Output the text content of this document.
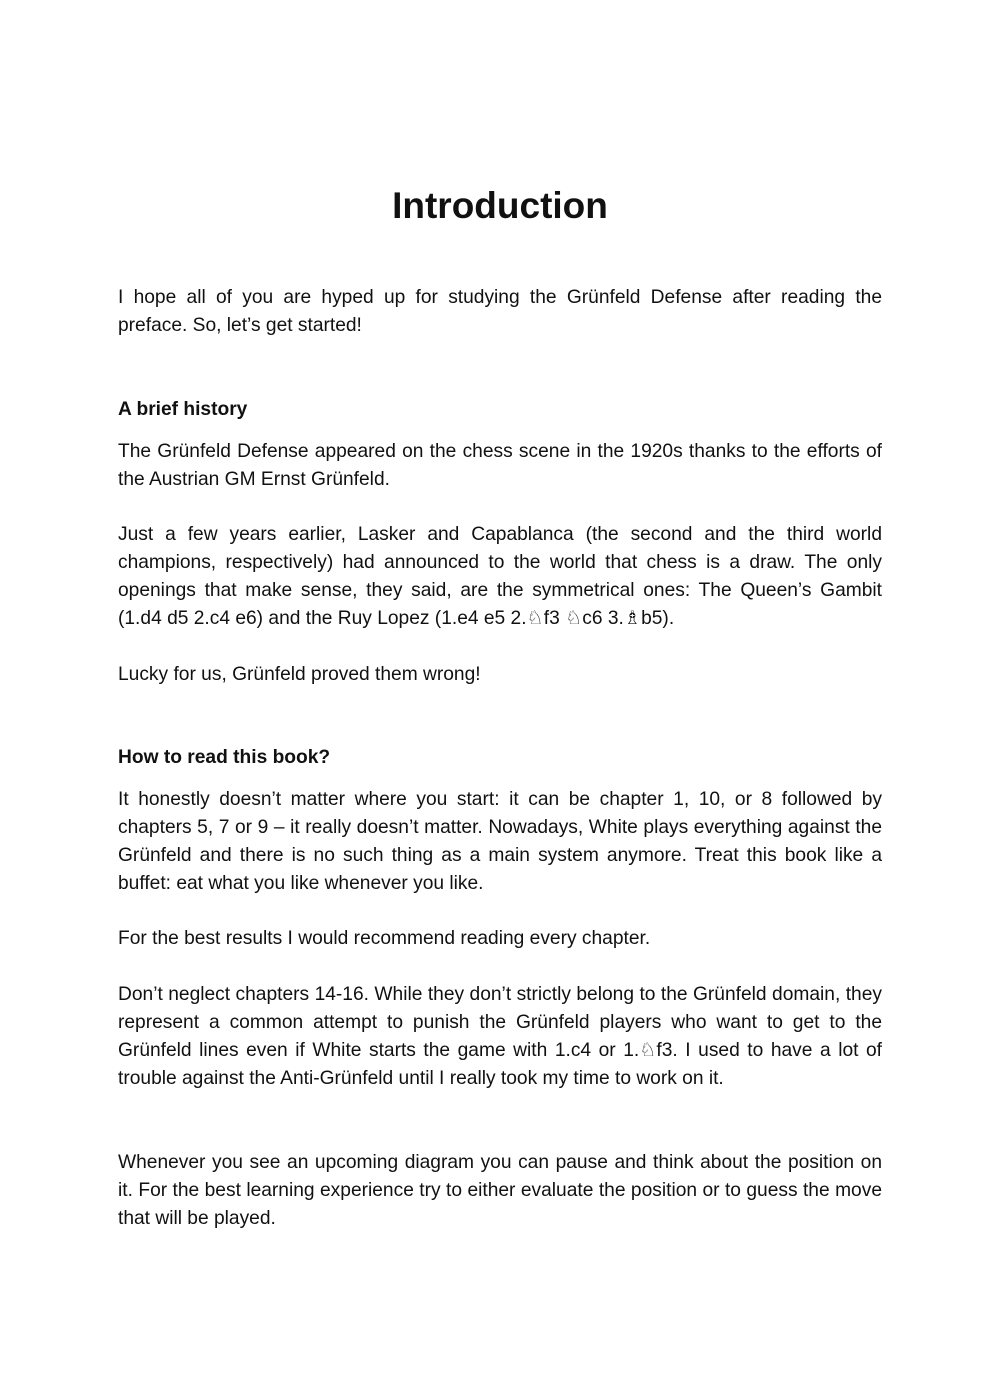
Introduction

I hope all of you are hyped up for studying the Grünfeld Defense after reading the preface. So, let’s get started!

A brief history

The Grünfeld Defense appeared on the chess scene in the 1920s thanks to the efforts of the Austrian GM Ernst Grünfeld.

Just a few years earlier, Lasker and Capablanca (the second and the third world champions, respectively) had announced to the world that chess is a draw. The only openings that make sense, they said, are the symmetrical ones: The Queen’s Gambit (1.d4 d5 2.c4 e6) and the Ruy Lopez (1.e4 e5 2.♘f3 ♘c6 3.♗b5).

Lucky for us, Grünfeld proved them wrong!

How to read this book?

It honestly doesn’t matter where you start: it can be chapter 1, 10, or 8 followed by chapters 5, 7 or 9 – it really doesn’t matter. Nowadays, White plays everything against the Grünfeld and there is no such thing as a main system anymore. Treat this book like a buffet: eat what you like whenever you like.

For the best results I would recommend reading every chapter.

Don’t neglect chapters 14-16. While they don’t strictly belong to the Grünfeld domain, they represent a common attempt to punish the Grünfeld players who want to get to the Grünfeld lines even if White starts the game with 1.c4 or 1.♘f3. I used to have a lot of trouble against the Anti-Grünfeld until I really took my time to work on it.

Whenever you see an upcoming diagram you can pause and think about the position on it. For the best learning experience try to either evaluate the position or to guess the move that will be played.
